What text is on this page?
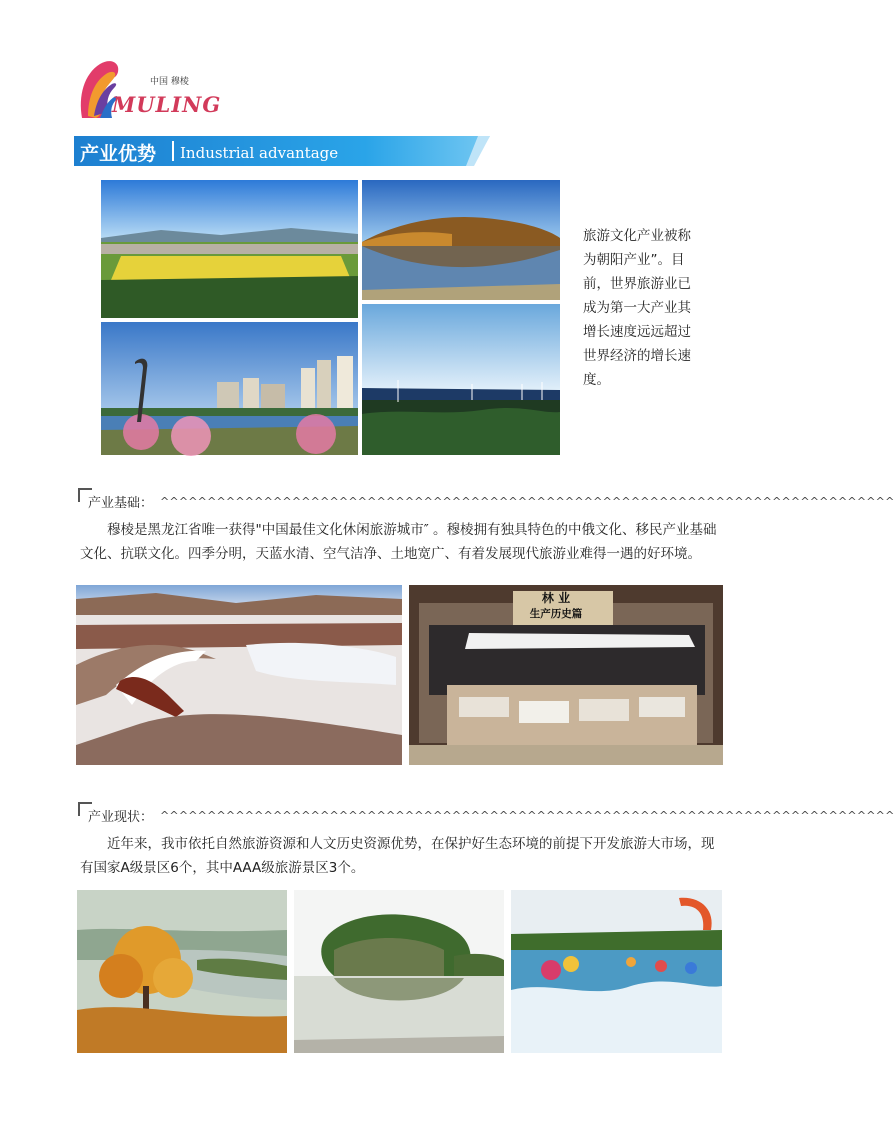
中国 穆棱
MULING
产业优势 Industrial advantage
旅游文化产业被称为朝阳产业”。目前，世界旅游业已成为第一大产业其增长速度远远超过世界经济的增长速度。
产业基础： ^^^^^^^^^^^^^^^^^^^^^^^^^^^^^^^^^^^^^^^^^^^^^^^^^^^^^^^^^^^^^^^^^^^^^^^^^^^^^^
穆棱是黑龙江省唯一获得"中国最佳文化休闲旅游城市″ 。穆棱拥有独具特色的中俄文化、移民产业基础文化、抗联文化。四季分明，天蓝水清、空气洁净、土地宽广、有着发展现代旅游业难得一遇的好环境。
林 业
生产历史篇
产业现状： ^^^^^^^^^^^^^^^^^^^^^^^^^^^^^^^^^^^^^^^^^^^^^^^^^^^^^^^^^^^^^^^^^^^^^^^^^^^^^^
近年来，我市依托自然旅游资源和人文历史资源优势，在保护好生态环境的前提下开发旅游大市场，现有国家A级景区6个，其中AAA级旅游景区3个。
